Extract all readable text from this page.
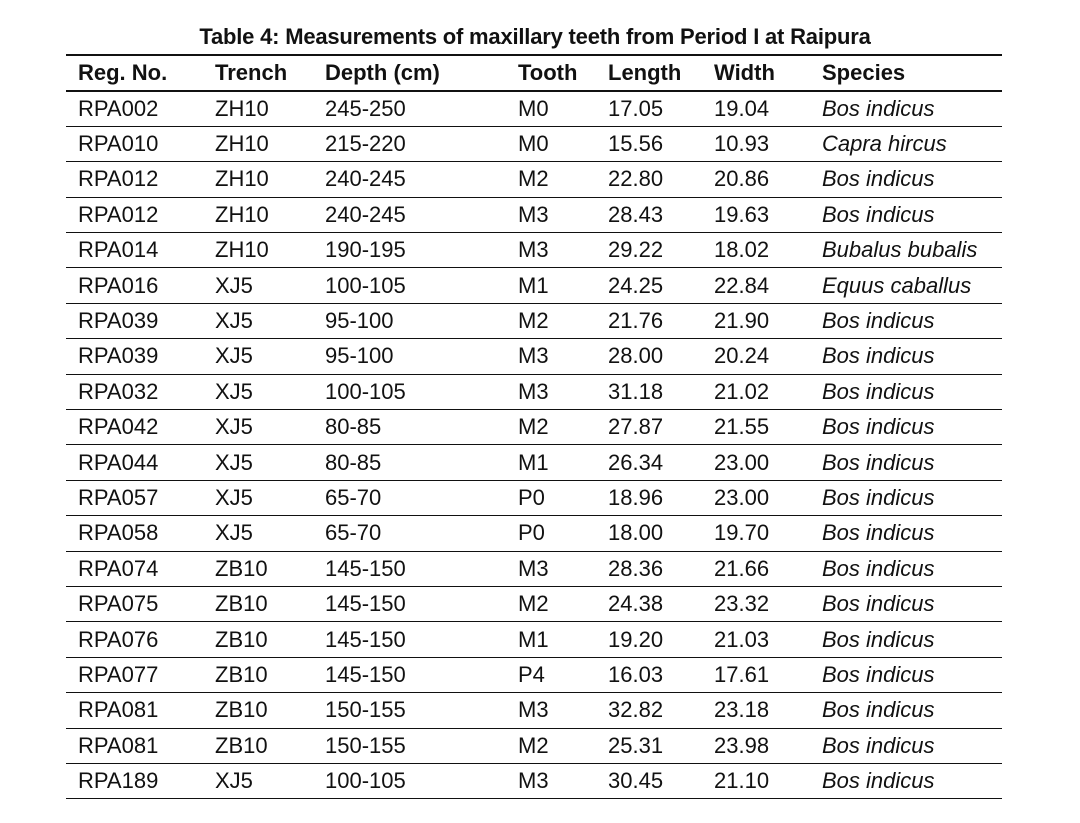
Table 4: Measurements of maxillary teeth from Period I at Raipura
Reg. No.	Trench	Depth (cm)	Tooth	Length	Width	Species
RPA002	ZH10	245-250	M0	17.05	19.04	Bos indicus
RPA010	ZH10	215-220	M0	15.56	10.93	Capra hircus
RPA012	ZH10	240-245	M2	22.80	20.86	Bos indicus
RPA012	ZH10	240-245	M3	28.43	19.63	Bos indicus
RPA014	ZH10	190-195	M3	29.22	18.02	Bubalus bubalis
RPA016	XJ5	100-105	M1	24.25	22.84	Equus caballus
RPA039	XJ5	95-100	M2	21.76	21.90	Bos indicus
RPA039	XJ5	95-100	M3	28.00	20.24	Bos indicus
RPA032	XJ5	100-105	M3	31.18	21.02	Bos indicus
RPA042	XJ5	80-85	M2	27.87	21.55	Bos indicus
RPA044	XJ5	80-85	M1	26.34	23.00	Bos indicus
RPA057	XJ5	65-70	P0	18.96	23.00	Bos indicus
RPA058	XJ5	65-70	P0	18.00	19.70	Bos indicus
RPA074	ZB10	145-150	M3	28.36	21.66	Bos indicus
RPA075	ZB10	145-150	M2	24.38	23.32	Bos indicus
RPA076	ZB10	145-150	M1	19.20	21.03	Bos indicus
RPA077	ZB10	145-150	P4	16.03	17.61	Bos indicus
RPA081	ZB10	150-155	M3	32.82	23.18	Bos indicus
RPA081	ZB10	150-155	M2	25.31	23.98	Bos indicus
RPA189	XJ5	100-105	M3	30.45	21.10	Bos indicus
